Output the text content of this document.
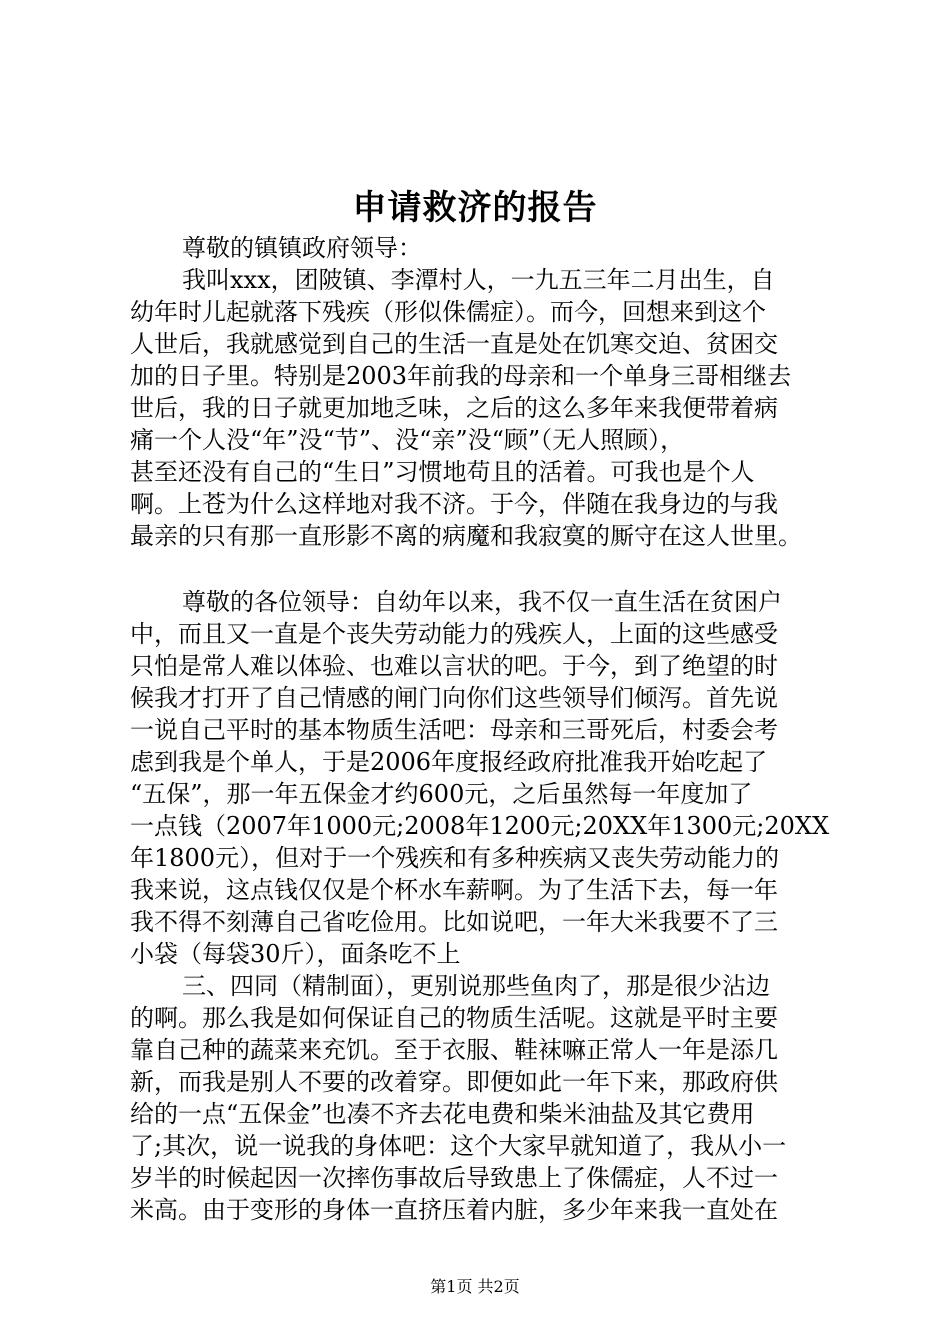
申请救济的报告
尊敬的镇镇政府领导：
我叫xxx，团陂镇、李潭村人，一九五三年二月出生，自
幼年时儿起就落下残疾（形似侏儒症）。而今，回想来到这个
人世后，我就感觉到自己的生活一直是处在饥寒交迫、贫困交
加的日子里。特别是2003年前我的母亲和一个单身三哥相继去
世后，我的日子就更加地乏味，之后的这么多年来我便带着病
痛一个人没“年”没“节”、没“亲”没“顾”（无人照顾），
甚至还没有自己的“生日”习惯地苟且的活着。可我也是个人
啊。上苍为什么这样地对我不济。于今，伴随在我身边的与我
最亲的只有那一直形影不离的病魔和我寂寞的厮守在这人世里。
尊敬的各位领导：自幼年以来，我不仅一直生活在贫困户
中，而且又一直是个丧失劳动能力的残疾人，上面的这些感受
只怕是常人难以体验、也难以言状的吧。于今，到了绝望的时
候我才打开了自己情感的闸门向你们这些领导们倾泻。首先说
一说自己平时的基本物质生活吧：母亲和三哥死后，村委会考
虑到我是个单人，于是2006年度报经政府批准我开始吃起了
“五保”，那一年五保金才约600元，之后虽然每一年度加了
一点钱（2007年1000元;2008年1200元;20XX年1300元;20XX
年1800元），但对于一个残疾和有多种疾病又丧失劳动能力的
我来说，这点钱仅仅是个杯水车薪啊。为了生活下去，每一年
我不得不刻薄自己省吃俭用。比如说吧，一年大米我要不了三
小袋（每袋30斤），面条吃不上
三、四同（精制面），更别说那些鱼肉了，那是很少沾边
的啊。那么我是如何保证自己的物质生活呢。这就是平时主要
靠自己种的蔬菜来充饥。至于衣服、鞋袜嘛正常人一年是添几
新，而我是别人不要的改着穿。即便如此一年下来，那政府供
给的一点“五保金”也凑不齐去花电费和柴米油盐及其它费用
了;其次，说一说我的身体吧：这个大家早就知道了，我从小一
岁半的时候起因一次摔伤事故后导致患上了侏儒症，人不过一
米高。由于变形的身体一直挤压着内脏，多少年来我一直处在
第1页 共2页
